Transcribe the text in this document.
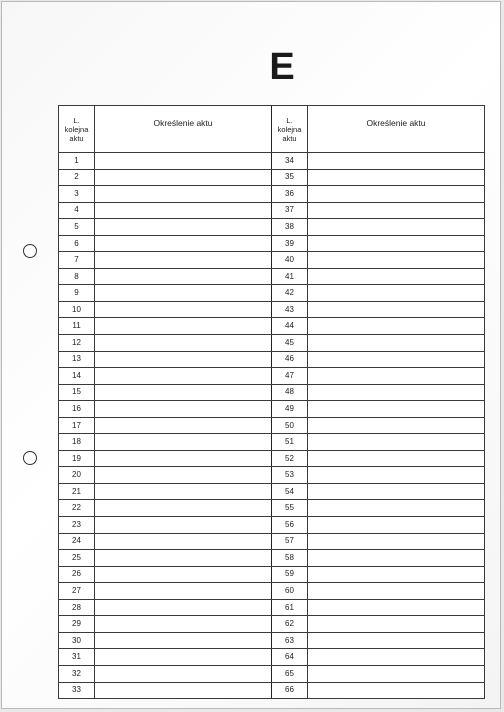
E
L.
kolejna
aktu	Określenie aktu	L.
kolejna
aktu	Określenie aktu
1		34	
2		35	
3		36	
4		37	
5		38	
6		39	
7		40	
8		41	
9		42	
10		43	
11		44	
12		45	
13		46	
14		47	
15		48	
16		49	
17		50	
18		51	
19		52	
20		53	
21		54	
22		55	
23		56	
24		57	
25		58	
26		59	
27		60	
28		61	
29		62	
30		63	
31		64	
32		65	
33		66	
